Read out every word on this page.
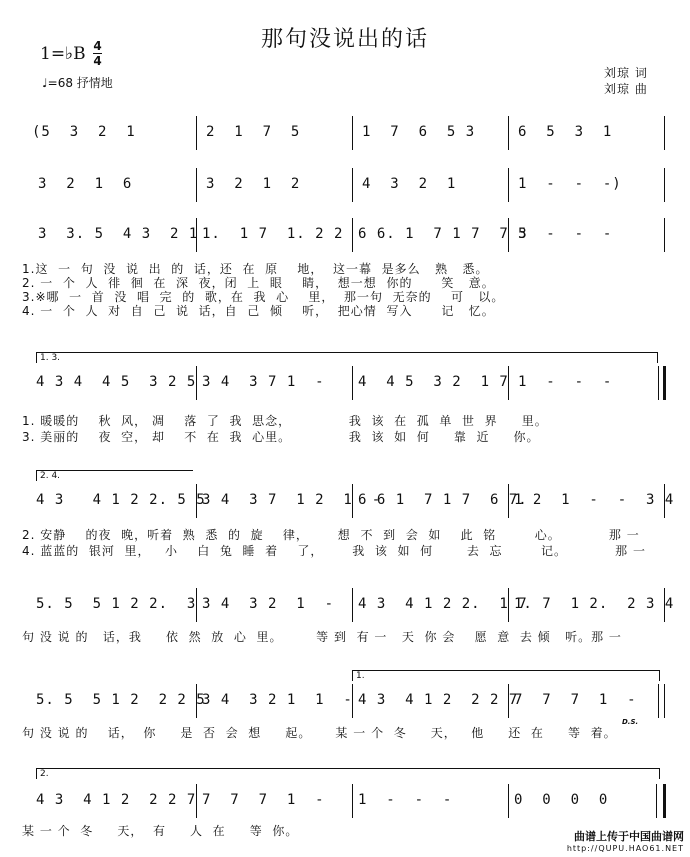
那句没说出的话
1=♭B 4
4
♩=68 抒情地
刘琼 词
刘琼 曲
(5  3  2  1	2  1  7  5	1  7  6  5 3	6  5  3  1
3  2  1  6	3  2  1  2	4  3  2  1	1  -  -  -)
3  3. 5  4 3  2 1 1.  1 7  1. 2 2 6 6. 1  7 1 7  7 3
5  -  -  -
1.这  一  句  没  说  出  的  话，还  在  原    地，  这一幕  是多么   熟   悉。
2. 一  个  人  徘  徊  在  深  夜，闭  上  眼    睛，  想一想  你的      笑   意。
3.※哪  一  首  没  唱  完  的  歌，在  我  心    里，  那一句  无奈的    可   以。
4. 一  个  人  对  自  己  说  话，自  己  倾    听，  把心情  写入      记   忆。
1. 3.
4 3 4  4 5  3 2 5 3 4  3 7 1  - 4  4 5  3 2  1 7 1  -  -  -
1. 暖暖的    秋  风， 凋    落  了  我  思念，            我  该  在  孤  单  世  界     里。
3. 美丽的    夜  空， 却    不  在  我  心里。            我  该  如  何     靠  近     你。
2. 4.
4 3   4 1 2 2. 5 5
3 4  3 7  1 2  1  -
6 6 1  7 1 7  6 7.
1 2  1  -  -  3 4
2. 安静    的夜  晚，听着  熟  悉  的  旋    律，      想  不  到  会  如    此  铭        心。          那 一
4. 蓝蓝的  银河  里，   小    白  兔  睡  着    了，      我  该  如  何       去  忘        记。          那 一
5. 5  5 1 2 2.  3 3 4  3 2  1  - 4 3  4 1 2 2.  1 7
1. 7  1 2.  2 3 4
句 没 说 的   话，我     依  然  放  心  里。       等 到  有 一   天  你 会    愿  意  去 倾   听。那 一
1.
5. 5  5 1 2  2 2 5
3 4  3 2 1  1  - 4 3  4 1 2  2 2 7
7  7  7  1  -
D.S.
句 没 说 的    话，  你     是  否  会  想     起。     某 一 个  冬     天，   他     还  在     等  着。
2.
4 3  4 1 2  2 2 7 7  7  7  1  - 1  -  -  -	0  0  0  0
某 一 个  冬     天，  有     人  在     等  你。	曲谱上传于中国曲谱网
http://QUPU.HAO61.NET
